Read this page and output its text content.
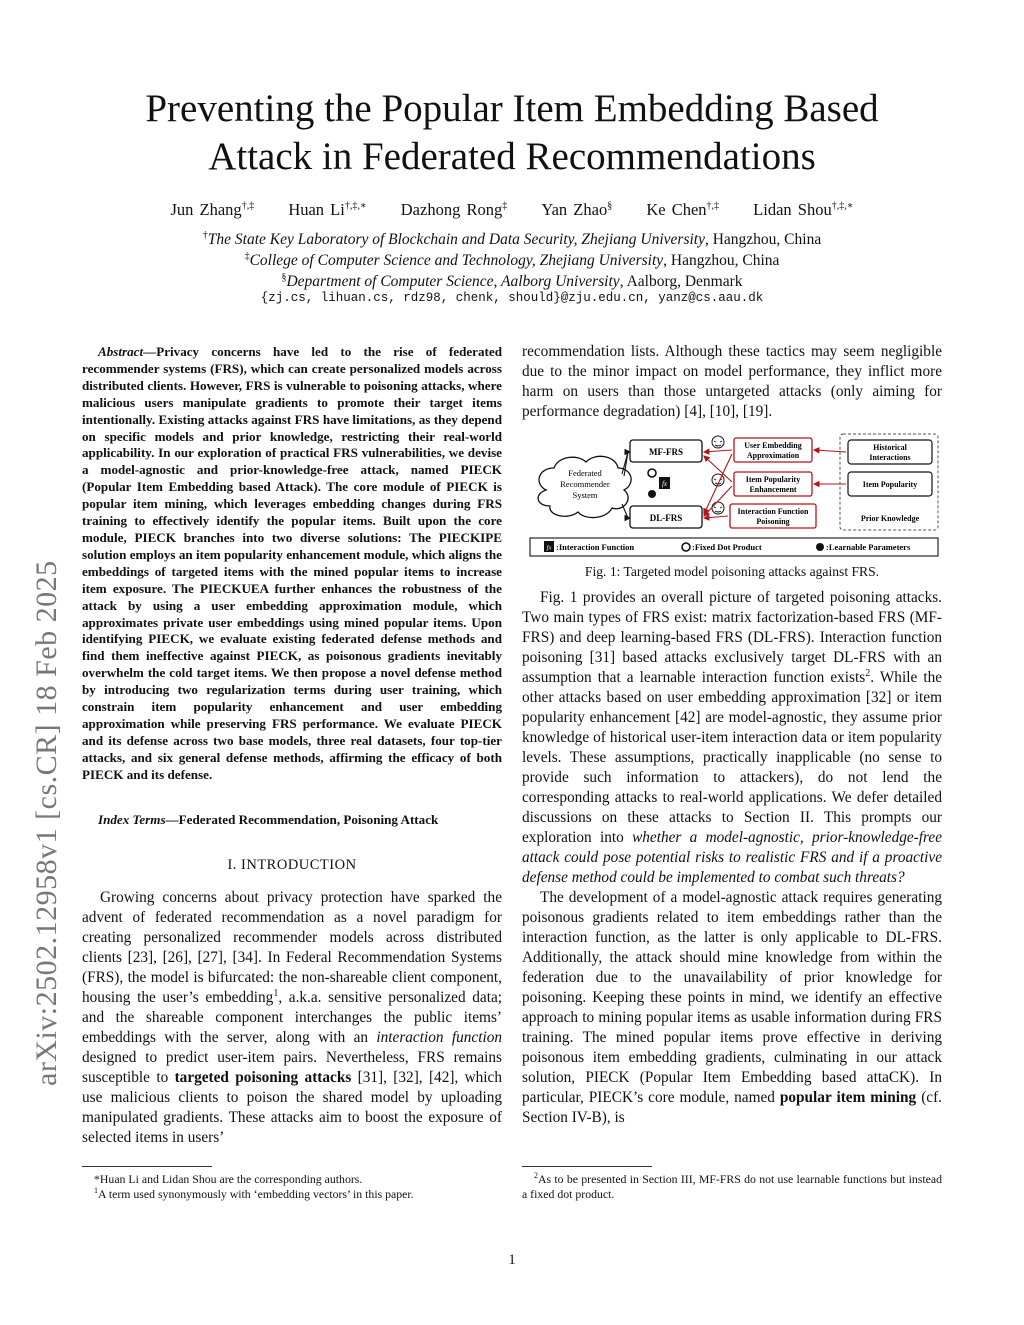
arXiv:2502.12958v1 [cs.CR] 18 Feb 2025
Preventing the Popular Item Embedding Based
Attack in Federated Recommendations
Jun Zhang†,‡ Huan Li†,‡,∗ Dazhong Rong‡ Yan Zhao§ Ke Chen†,‡ Lidan Shou†,‡,∗
†The State Key Laboratory of Blockchain and Data Security, Zhejiang University, Hangzhou, China
‡College of Computer Science and Technology, Zhejiang University, Hangzhou, China
§Department of Computer Science, Aalborg University, Aalborg, Denmark
{zj.cs, lihuan.cs, rdz98, chenk, should}@zju.edu.cn, yanz@cs.aau.dk
Abstract—Privacy concerns have led to the rise of federated recommender systems (FRS), which can create personalized models across distributed clients. However, FRS is vulnerable to poisoning attacks, where malicious users manipulate gradients to promote their target items intentionally. Existing attacks against FRS have limitations, as they depend on specific models and prior knowledge, restricting their real-world applicability. In our exploration of practical FRS vulnerabilities, we devise a model-agnostic and prior-knowledge-free attack, named PIECK (Popular Item Embedding based Attack). The core module of PIECK is popular item mining, which leverages embedding changes during FRS training to effectively identify the popular items. Built upon the core module, PIECK branches into two diverse solutions: The PIECKIPE solution employs an item popularity enhancement module, which aligns the embeddings of targeted items with the mined popular items to increase item exposure. The PIECKUEA further enhances the robustness of the attack by using a user embedding approximation module, which approximates private user embeddings using mined popular items. Upon identifying PIECK, we evaluate existing federated defense methods and find them ineffective against PIECK, as poisonous gradients inevitably overwhelm the cold target items. We then propose a novel defense method by introducing two regularization terms during user training, which constrain item popularity enhancement and user embedding approximation while preserving FRS performance. We evaluate PIECK and its defense across two base models, three real datasets, four top-tier attacks, and six general defense methods, affirming the efficacy of both PIECK and its defense.
Index Terms—Federated Recommendation, Poisoning Attack
I. INTRODUCTION

Growing concerns about privacy protection have sparked the advent of federated recommendation as a novel paradigm for creating personalized recommender models across distributed clients [23], [26], [27], [34]. In Federal Recommendation Systems (FRS), the model is bifurcated: the non-shareable client component, housing the user’s embedding$^1$, a.k.a. sensitive personalized data; and the shareable component interchanges the public items’ embeddings with the server, along with an interaction function designed to predict user-item pairs. Nevertheless, FRS remains susceptible to targeted poisoning attacks [31], [32], [42], which use malicious clients to poison the shared model by uploading manipulated gradients. These attacks aim to boost the exposure of selected items in users’

recommendation lists. Although these tactics may seem negligible due to the minor impact on model performance, they inflict more harm on users than those untargeted attacks (only aiming for performance degradation) [4], [10], [19].

Federated
Recommender
System
MF-FRS
DL-FRS
fx
User Embedding
Approximation
Item Popularity
Enhancement
Interaction Function
Poisoning
Historical
Interactions
Item Popularity
Prior Knowledge
fx :Interaction Function	:Fixed Dot Product	:Learnable Parameters
Fig. 1: Targeted model poisoning attacks against FRS.

Fig. 1 provides an overall picture of targeted poisoning attacks. Two main types of FRS exist: matrix factorization-based FRS (MF-FRS) and deep learning-based FRS (DL-FRS). Interaction function poisoning [31] based attacks exclusively target DL-FRS with an assumption that a learnable interaction function exists$^2$. While the other attacks based on user embedding approximation [32] or item popularity enhancement [42] are model-agnostic, they assume prior knowledge of historical user-item interaction data or item popularity levels. These assumptions, practically inapplicable (no sense to provide such information to attackers), do not lend the corresponding attacks to real-world applications. We defer detailed discussions on these attacks to Section II. This prompts our exploration into whether a model-agnostic, prior-knowledge-free attack could pose potential risks to realistic FRS and if a proactive defense method could be implemented to combat such threats?

The development of a model-agnostic attack requires generating poisonous gradients related to item embeddings rather than the interaction function, as the latter is only applicable to DL-FRS. Additionally, the attack should mine knowledge from within the federation due to the unavailability of prior knowledge for poisoning. Keeping these points in mind, we identify an effective approach to mining popular items as usable information during FRS training. The mined popular items prove effective in deriving poisonous item embedding gradients, culminating in our attack solution, PIECK (Popular Item Embedding based attaCK). In particular, PIECK’s core module, named popular item mining (cf. Section IV-B), is

*Huan Li and Lidan Shou are the corresponding authors.
$^1$A term used synonymously with ‘embedding vectors’ in this paper.
$^2$As to be presented in Section III, MF-FRS do not use learnable functions but instead a fixed dot product.
1
